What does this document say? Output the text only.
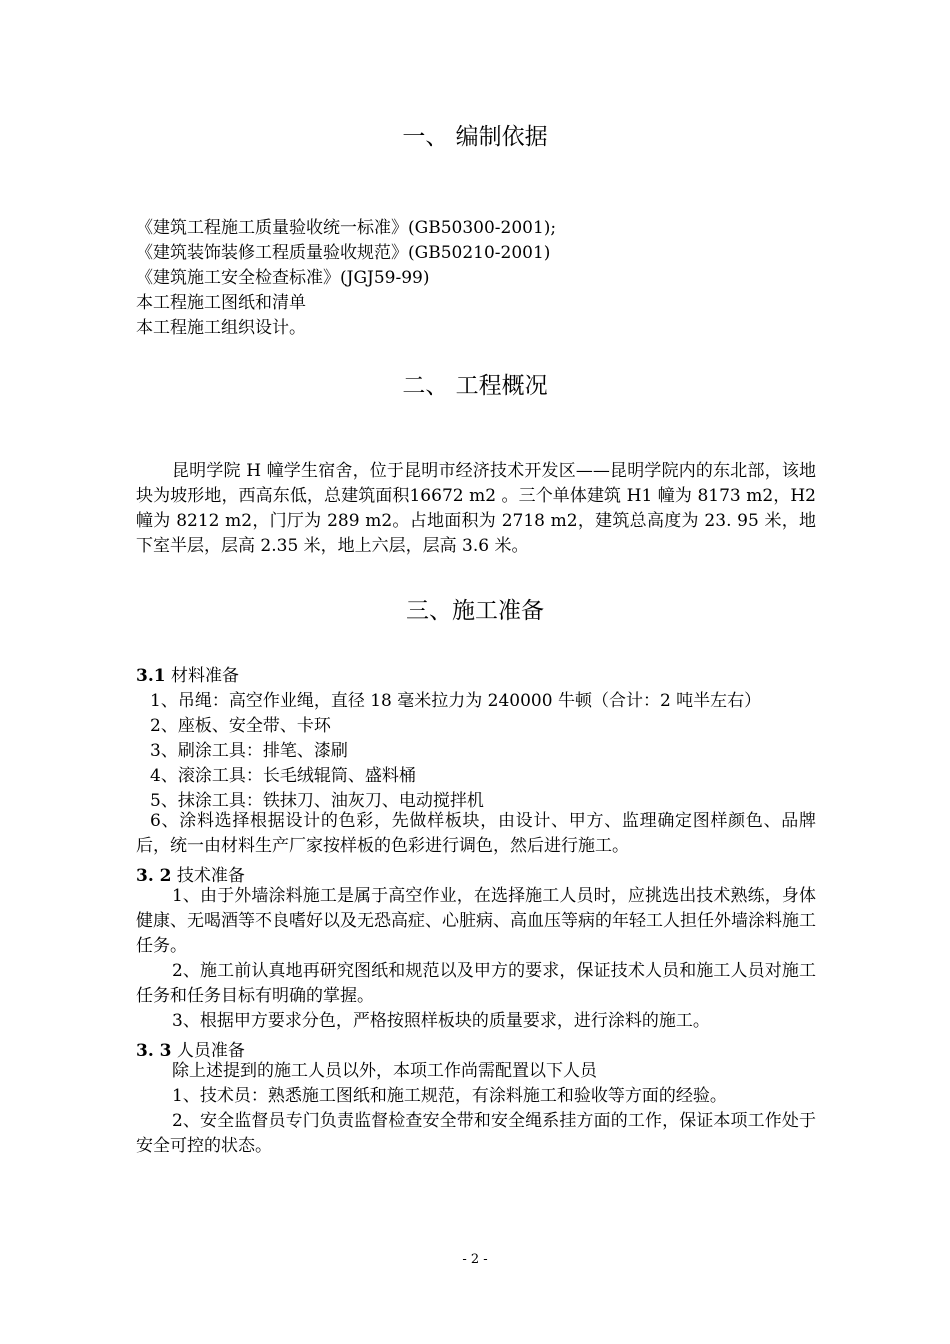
一、 编制依据
《建筑工程施工质量验收统一标准》(GB50300-2001);
《建筑装饰装修工程质量验收规范》(GB50210-2001)
《建筑施工安全检查标准》(JGJ59-99)
本工程施工图纸和清单
本工程施工组织设计。
二、 工程概况

昆明学院 H 幢学生宿舍，位于昆明市经济技术开发区——昆明学院内的东北部，该地块为坡形地，西高东低，总建筑面积16672 m2 。三个单体建筑 H1 幢为 8173 m2，H2 幢为 8212 m2，门厅为 289 m2。占地面积为 2718 m2，建筑总高度为 23. 95 米，地下室半层，层高 2.35 米，地上六层，层高 3.6 米。

三、施工准备
3.1 材料准备
1、吊绳：高空作业绳，直径 18 毫米拉力为 240000 牛顿（合计：2 吨半左右）
2、座板、安全带、卡环
3、刷涂工具：排笔、漆刷
4、滚涂工具：长毛绒辊筒、盛料桶
5、抹涂工具：铁抹刀、油灰刀、电动搅拌机

6、涂料选择根据设计的色彩，先做样板块，由设计、甲方、监理确定图样颜色、品牌后，统一由材料生产厂家按样板的色彩进行调色，然后进行施工。

3. 2 技术准备

1、由于外墙涂料施工是属于高空作业，在选择施工人员时，应挑选出技术熟练，身体健康、无喝酒等不良嗜好以及无恐高症、心脏病、高血压等病的年轻工人担任外墙涂料施工任务。

2、施工前认真地再研究图纸和规范以及甲方的要求，保证技术人员和施工人员对施工任务和任务目标有明确的掌握。

3、根据甲方要求分色，严格按照样板块的质量要求，进行涂料的施工。

3. 3 人员准备

除上述提到的施工人员以外，本项工作尚需配置以下人员

1、技术员：熟悉施工图纸和施工规范，有涂料施工和验收等方面的经验。

2、安全监督员专门负责监督检查安全带和安全绳系挂方面的工作，保证本项工作处于安全可控的状态。

- 2 -
